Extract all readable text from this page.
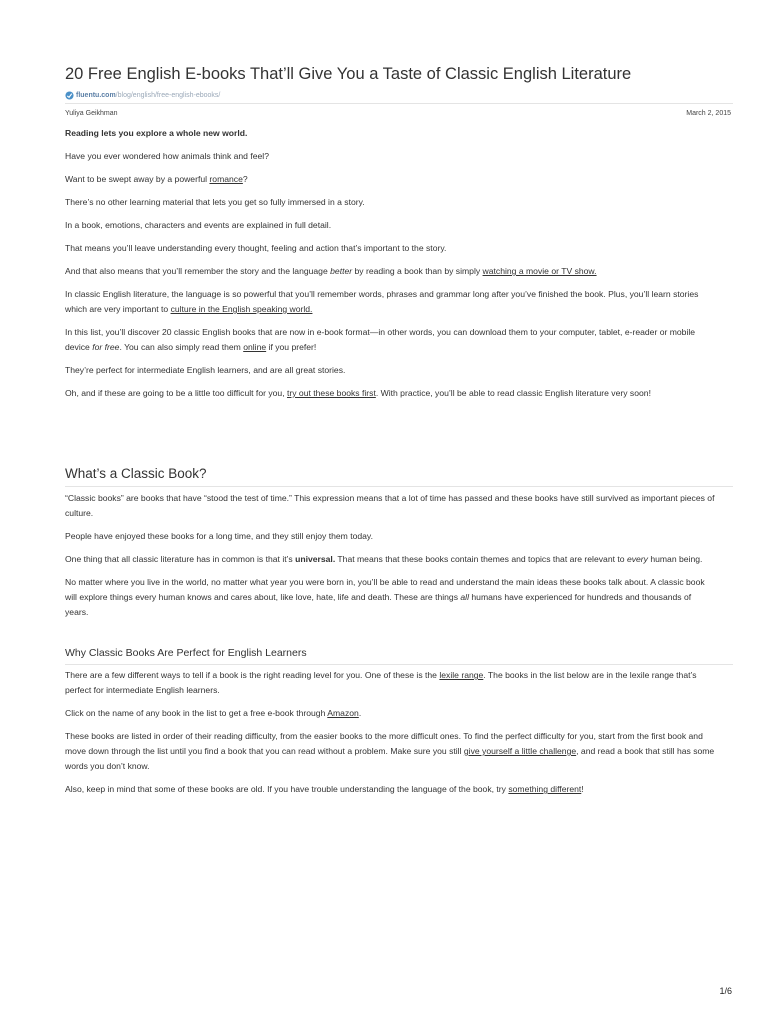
20 Free English E-books That’ll Give You a Taste of Classic English Literature
fluentu.com /blog/english/free-english-ebooks/
Yuliya Geikhman	March 2, 2015

Reading lets you explore a whole new world.

Have you ever wondered how animals think and feel?

Want to be swept away by a powerful romance?

There’s no other learning material that lets you get so fully immersed in a story.

In a book, emotions, characters and events are explained in full detail.

That means you’ll leave understanding every thought, feeling and action that’s important to the story.

And that also means that you’ll remember the story and the language better by reading a book than by simply watching a movie or TV show.

In classic English literature, the language is so powerful that you’ll remember words, phrases and grammar long after you’ve finished the book. Plus, you’ll learn stories which are very important to culture in the English speaking world.

In this list, you’ll discover 20 classic English books that are now in e-book format—in other words, you can download them to your computer, tablet, e-reader or mobile device for free. You can also simply read them online if you prefer!

They’re perfect for intermediate English learners, and are all great stories.

Oh, and if these are going to be a little too difficult for you, try out these books first. With practice, you’ll be able to read classic English literature very soon!

What’s a Classic Book?

“Classic books” are books that have “stood the test of time.” This expression means that a lot of time has passed and these books have still survived as important pieces of culture.

People have enjoyed these books for a long time, and they still enjoy them today.

One thing that all classic literature has in common is that it’s universal. That means that these books contain themes and topics that are relevant to every human being.

No matter where you live in the world, no matter what year you were born in, you’ll be able to read and understand the main ideas these books talk about. A classic book will explore things every human knows and cares about, like love, hate, life and death. These are things all humans have experienced for hundreds and thousands of years.

Why Classic Books Are Perfect for English Learners

There are a few different ways to tell if a book is the right reading level for you. One of these is the lexile range. The books in the list below are in the lexile range that’s perfect for intermediate English learners.

Click on the name of any book in the list to get a free e-book through Amazon.

These books are listed in order of their reading difficulty, from the easier books to the more difficult ones. To find the perfect difficulty for you, start from the first book and move down through the list until you find a book that you can read without a problem. Make sure you still give yourself a little challenge, and read a book that still has some words you don’t know.

Also, keep in mind that some of these books are old. If you have trouble understanding the language of the book, try something different!

1/6
